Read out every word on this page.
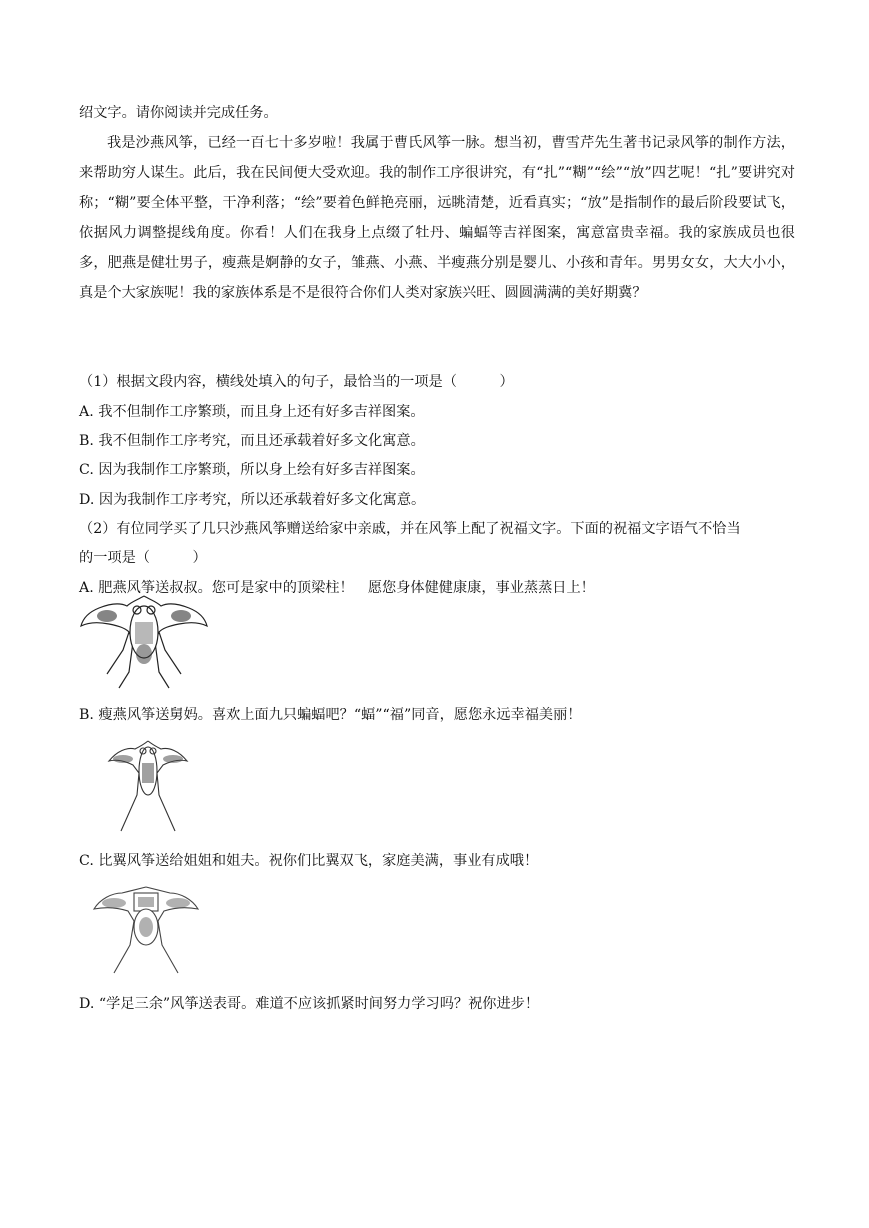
绍文字。请你阅读并完成任务。
我是沙燕风筝，已经一百七十多岁啦！我属于曹氏风筝一脉。想当初，曹雪芹先生著书记录风筝的制作方法，来帮助穷人谋生。此后，我在民间便大受欢迎。我的制作工序很讲究，有“扎”“糊”“绘”“放”四艺呢！“扎”要讲究对称；“糊”要全体平整，干净利落；“绘”要着色鲜艳亮丽，远眺清楚，近看真实；“放”是指制作的最后阶段要试飞，依据风力调整提线角度。你看！人们在我身上点缀了牡丹、蝙蝠等吉祥图案，寓意富贵幸福。我的家族成员也很多，肥燕是健壮男子，瘦燕是婀静的女子，雏燕、小燕、半瘦燕分别是婴儿、小孩和青年。男男女女，大大小小，真是个大家族呢！我的家族体系是不是很符合你们人类对家族兴旺、圆圆满满的美好期冀？
（1）根据文段内容，横线处填入的句子，最恰当的一项是（　　　）
A. 我不但制作工序繁琐，而且身上还有好多吉祥图案。
B. 我不但制作工序考究，而且还承载着好多文化寓意。
C. 因为我制作工序繁琐，所以身上绘有好多吉祥图案。
D. 因为我制作工序考究，所以还承载着好多文化寓意。
（2）有位同学买了几只沙燕风筝赠送给家中亲戚，并在风筝上配了祝福文字。下面的祝福文字语气不恰当
的一项是（　　　）
A. 肥燕风筝送叔叔。您可是家中的顶梁柱！　愿您身体健健康康，事业蒸蒸日上！
B. 瘦燕风筝送舅妈。喜欢上面九只蝙蝠吧？“蝠”“福”同音，愿您永远幸福美丽！
C. 比翼风筝送给姐姐和姐夫。祝你们比翼双飞，家庭美满，事业有成哦！
D. “学足三余”风筝送表哥。难道不应该抓紧时间努力学习吗？祝你进步！
